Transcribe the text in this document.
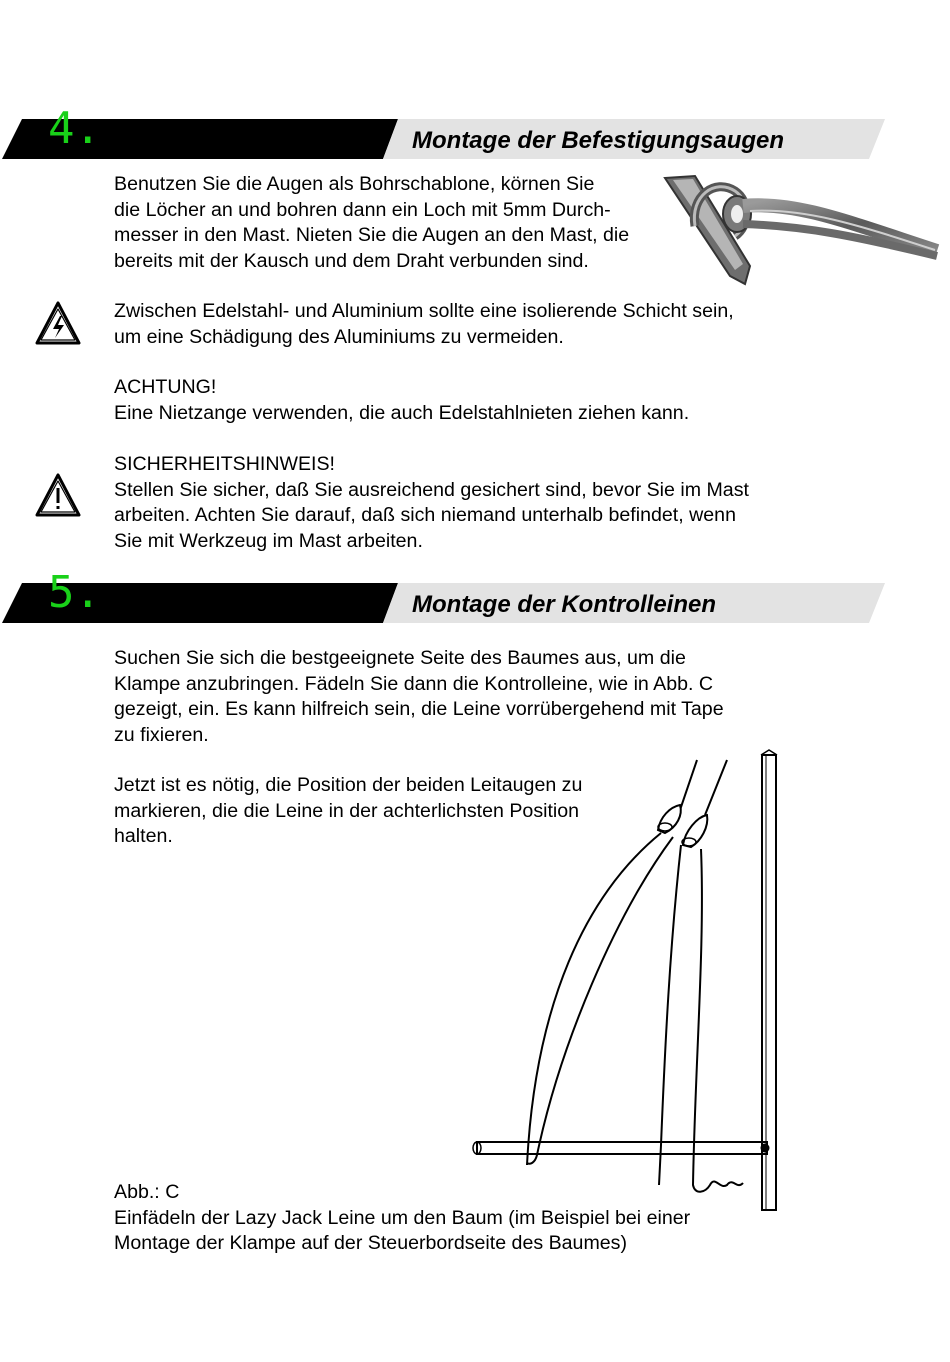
4.	Montage der Befestigungsaugen
Benutzen Sie die Augen als Bohrschablone, körnen Sie
die Löcher an und bohren dann ein Loch mit 5mm Durch-
messer in den Mast. Nieten Sie die Augen an den Mast, die
bereits mit der Kausch und dem Draht verbunden sind.
Zwischen Edelstahl- und Aluminium sollte eine isolierende Schicht sein,
um eine Schädigung des Aluminiums zu vermeiden.
ACHTUNG!
Eine Nietzange verwenden, die auch Edelstahlnieten ziehen kann.
SICHERHEITSHINWEIS!
Stellen Sie sicher, daß Sie ausreichend gesichert sind, bevor Sie im Mast
arbeiten. Achten Sie darauf, daß sich niemand unterhalb befindet, wenn
Sie mit Werkzeug im Mast arbeiten.
5.	Montage der Kontrolleinen
Suchen Sie sich die bestgeeignete Seite des Baumes aus, um die
Klampe anzubringen. Fädeln Sie dann die Kontrolleine, wie in Abb. C
gezeigt, ein. Es kann hilfreich sein, die Leine vorrübergehend mit Tape
zu fixieren.
Jetzt ist es nötig, die Position der beiden Leitaugen zu
markieren, die die Leine in der achterlichsten Position
halten.
Abb.: C
Einfädeln der Lazy Jack Leine um den Baum (im Beispiel bei einer
Montage der Klampe auf der Steuerbordseite des Baumes)
